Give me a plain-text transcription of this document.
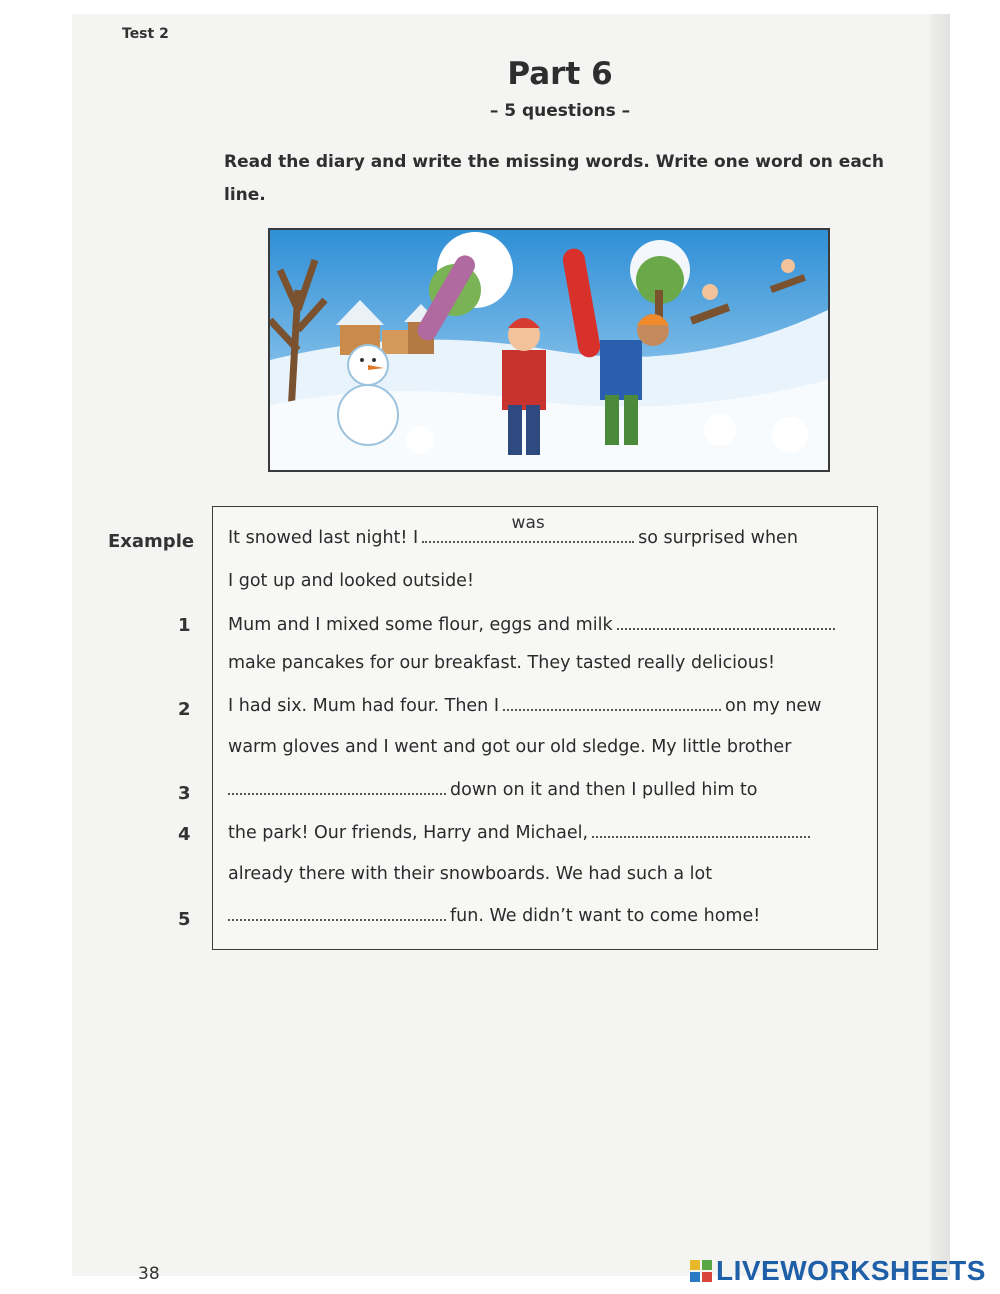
Test 2
Part 6
– 5 questions –
Read the diary and write the missing words. Write one word on each line.
Example
1
2
3
4
5
It snowed last night! I
was
so surprised when
I got up and looked outside!
Mum and I mixed some flour, eggs and milk
make pancakes for our breakfast. They tasted really delicious!
I had six. Mum had four. Then I	on my new
warm gloves and I went and got our old sledge. My little brother
down on it and then I pulled him to
the park! Our friends, Harry and Michael,
already there with their snowboards. We had such a lot
fun. We didn’t want to come home!
38	LIVEWORKSHEETS
